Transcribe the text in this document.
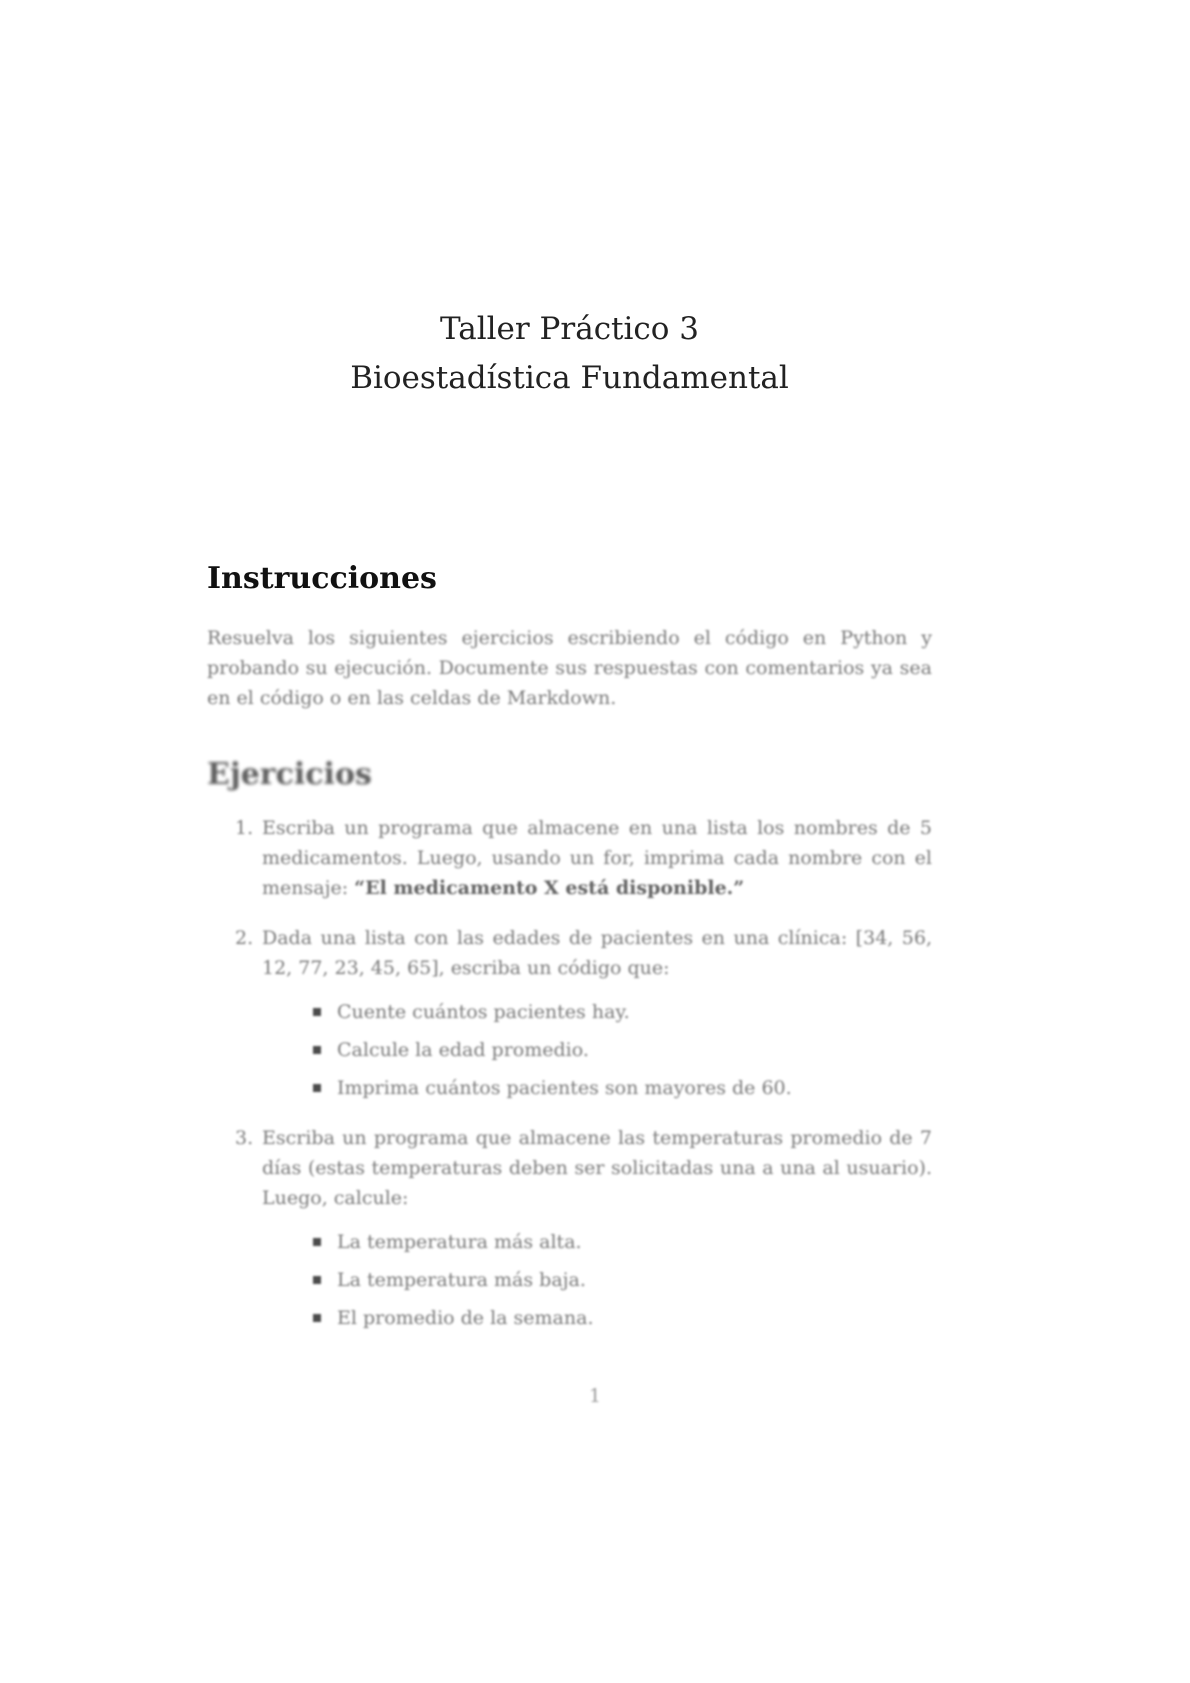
Taller Práctico 3
Bioestadística Fundamental
Instrucciones

Resuelva los siguientes ejercicios escribiendo el código en Python y probando su ejecución. Documente sus respuestas con comentarios ya sea en el código o en las celdas de Markdown.

Ejercicios
1. Escriba un programa que almacene en una lista los nombres de 5 medicamentos. Luego, usando un for, imprima cada nombre con el mensaje: “El medicamento X está disponible.”
2. Dada una lista con las edades de pacientes en una clínica: [34, 56, 12, 77, 23, 45, 65], escriba un código que:
Cuente cuántos pacientes hay.
Calcule la edad promedio.
Imprima cuántos pacientes son mayores de 60.
3. Escriba un programa que almacene las temperaturas promedio de 7 días (estas temperaturas deben ser solicitadas una a una al usuario). Luego, calcule:
La temperatura más alta.
La temperatura más baja.
El promedio de la semana.
1
